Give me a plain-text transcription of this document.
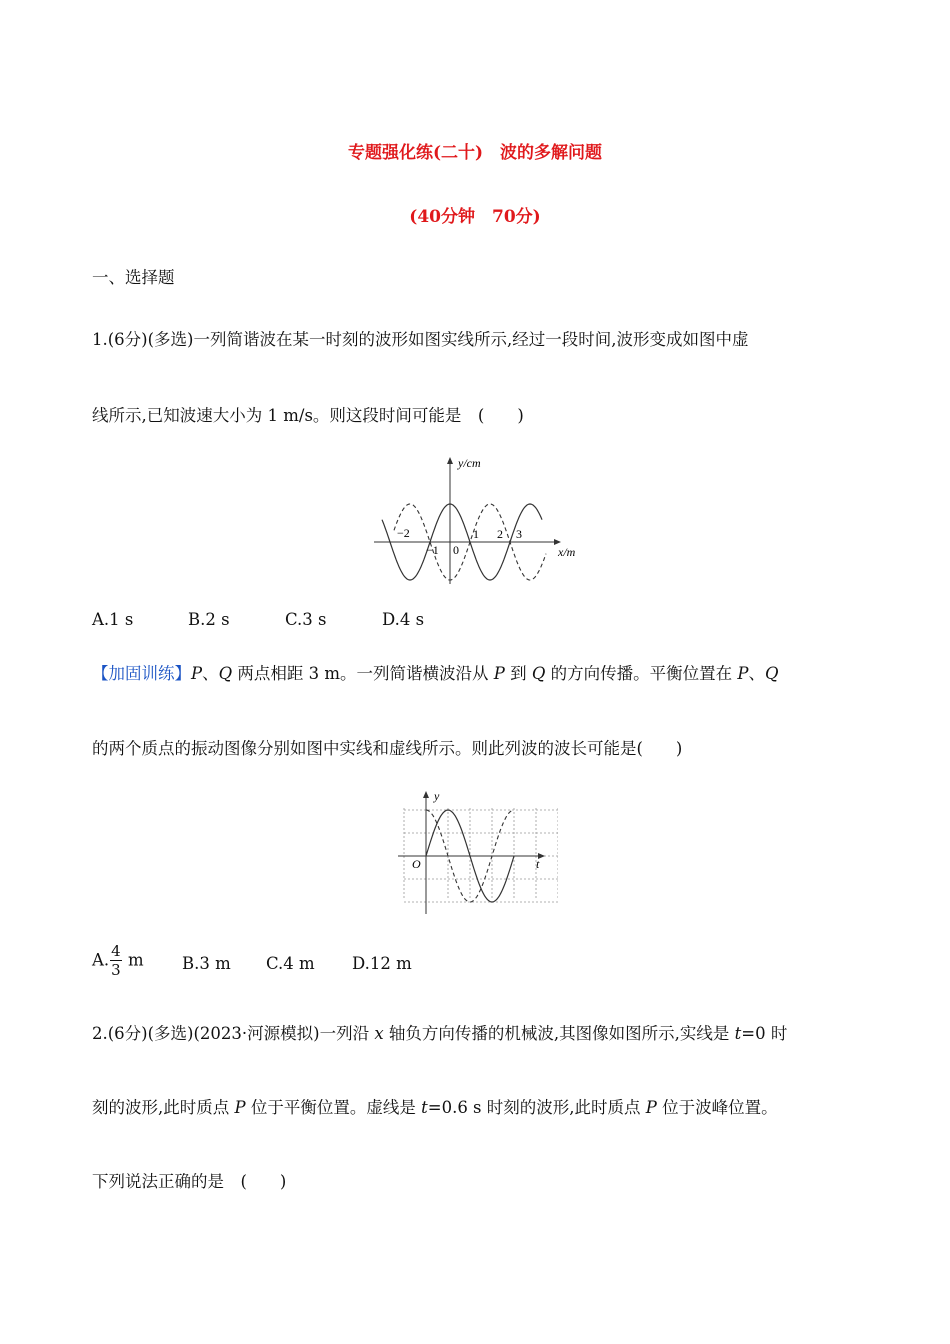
专题强化练(二十)　波的多解问题
(40分钟　70分)
一、选择题
1.(6分)(多选)一列简谐波在某一时刻的波形如图实线所示,经过一段时间,波形变成如图中虚
线所示,已知波速大小为 1 m/s。则这段时间可能是　(　　)
y/cm
x/m
−2
−1 0
1 2 3
A.1 s	B.2 s	C.3 s	D.4 s
【加固训练】P、Q 两点相距 3 m。一列简谐横波沿从 P 到 Q 的方向传播。平衡位置在 P、Q
的两个质点的振动图像分别如图中实线和虚线所示。则此列波的波长可能是(　　)
y
t
O
A. $\frac{4}{3}$ m B.3 m C.4 m D.12 m
2.(6分)(多选)(2023·河源模拟)一列沿 x 轴负方向传播的机械波,其图像如图所示,实线是 t=0 时
刻的波形,此时质点 P 位于平衡位置。虚线是 t=0.6 s 时刻的波形,此时质点 P 位于波峰位置。
下列说法正确的是　(　　)
